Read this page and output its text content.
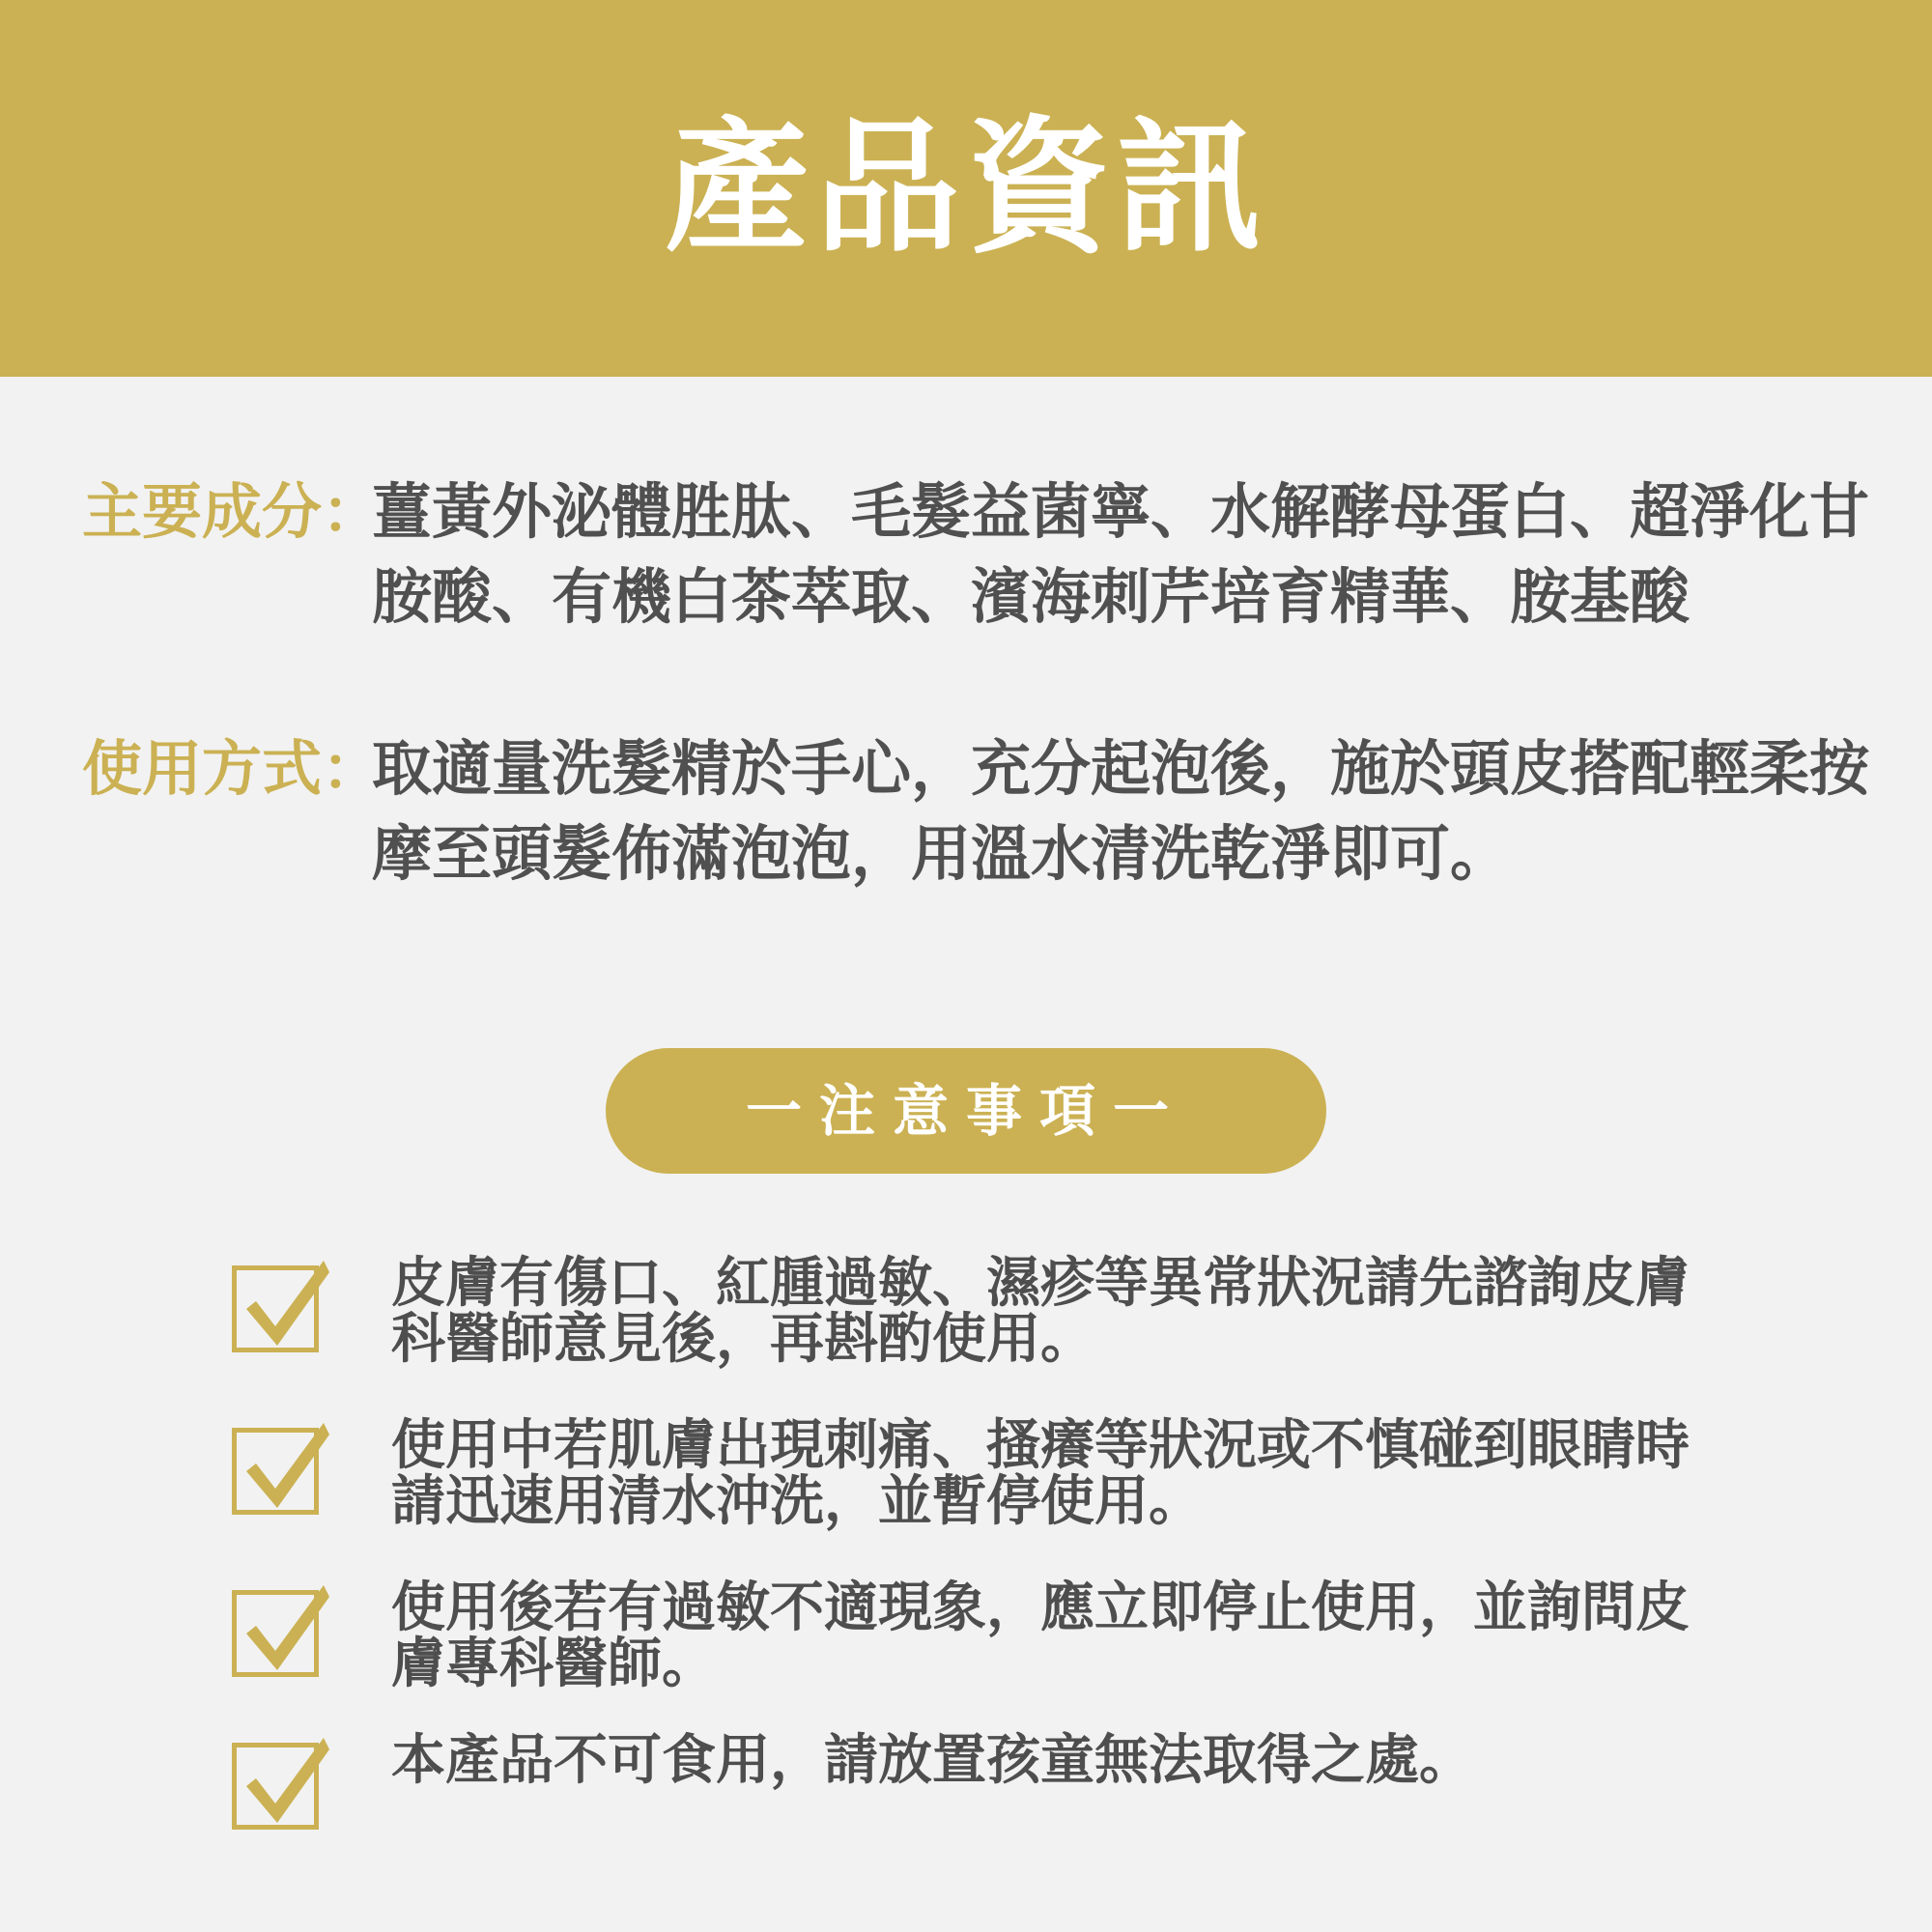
產品資訊
主要成分：
薑黃外泌體胜肽、毛髮益菌寧、水解酵母蛋白、超淨化甘
胺酸、有機白茶萃取、濱海刺芹培育精華、胺基酸
使用方式：
取適量洗髮精於手心，充分起泡後，施於頭皮搭配輕柔按
摩至頭髮佈滿泡泡，用溫水清洗乾淨即可。
一注意事項一
皮膚有傷口、紅腫過敏、濕疹等異常狀況請先諮詢皮膚
科醫師意見後，再斟酌使用。
使用中若肌膚出現刺痛、搔癢等狀況或不慎碰到眼睛時
請迅速用清水沖洗，並暫停使用。
使用後若有過敏不適現象，應立即停止使用，並詢問皮
膚專科醫師。
本產品不可食用，請放置孩童無法取得之處。
